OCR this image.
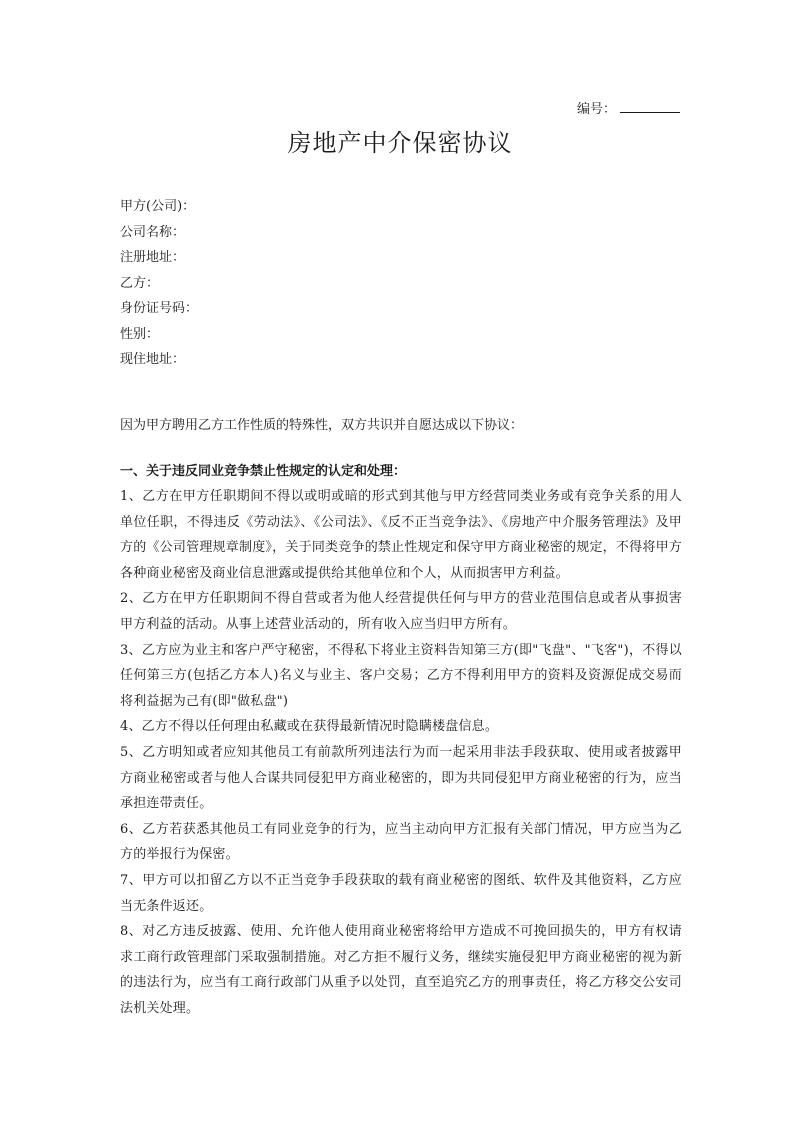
编号：
房地产中介保密协议
甲方(公司)：
公司名称：
注册地址：
乙方：
身份证号码：
性别：
现住地址：

因为甲方聘用乙方工作性质的特殊性，双方共识并自愿达成以下协议：

一、关于违反同业竞争禁止性规定的认定和处理：

1、乙方在甲方任职期间不得以或明或暗的形式到其他与甲方经营同类业务或有竞争关系的用人单位任职，不得违反《劳动法》、《公司法》、《反不正当竞争法》、《房地产中介服务管理法》及甲方的《公司管理规章制度》，关于同类竞争的禁止性规定和保守甲方商业秘密的规定，不得将甲方各种商业秘密及商业信息泄露或提供给其他单位和个人，从而损害甲方利益。

2、乙方在甲方任职期间不得自营或者为他人经营提供任何与甲方的营业范围信息或者从事损害甲方利益的活动。从事上述营业活动的，所有收入应当归甲方所有。

3、乙方应为业主和客户严守秘密，不得私下将业主资料告知第三方(即"飞盘"、"飞客")，不得以任何第三方(包括乙方本人)名义与业主、客户交易；乙方不得利用甲方的资料及资源促成交易而将利益据为己有(即"做私盘")

4、乙方不得以任何理由私藏或在获得最新情况时隐瞒楼盘信息。

5、乙方明知或者应知其他员工有前款所列违法行为而一起采用非法手段获取、使用或者披露甲方商业秘密或者与他人合谋共同侵犯甲方商业秘密的，即为共同侵犯甲方商业秘密的行为，应当承担连带责任。

6、乙方若获悉其他员工有同业竞争的行为，应当主动向甲方汇报有关部门情况，甲方应当为乙方的举报行为保密。

7、甲方可以扣留乙方以不正当竞争手段获取的载有商业秘密的图纸、软件及其他资料，乙方应当无条件返还。

8、对乙方违反披露、使用、允许他人使用商业秘密将给甲方造成不可挽回损失的，甲方有权请求工商行政管理部门采取强制措施。对乙方拒不履行义务，继续实施侵犯甲方商业秘密的视为新的违法行为，应当有工商行政部门从重予以处罚，直至追究乙方的刑事责任，将乙方移交公安司法机关处理。
